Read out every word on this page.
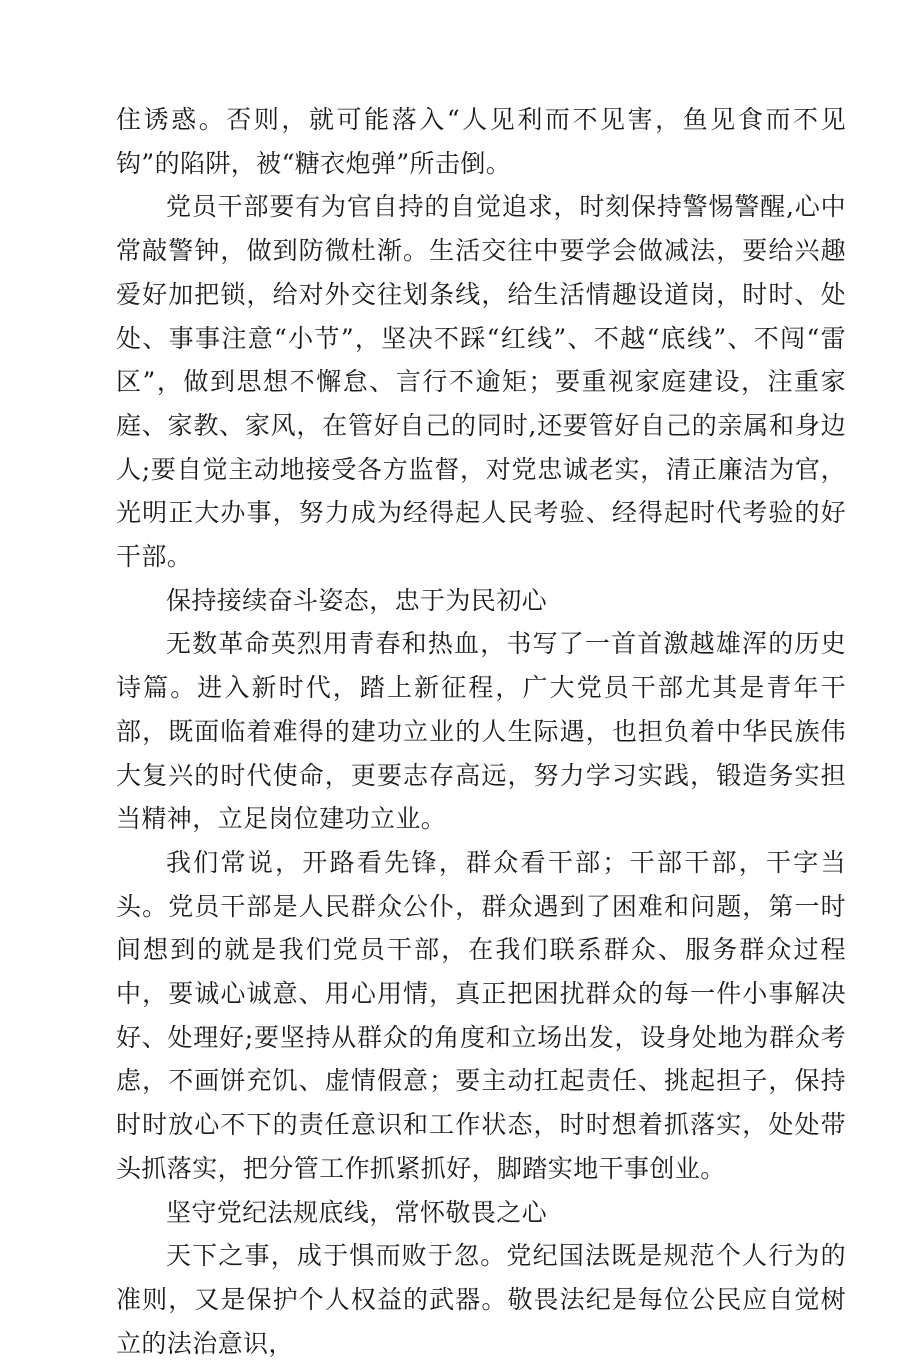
住诱惑。否则，就可能落入“人见利而不见害，鱼见食而不见钩”的陷阱，被“糖衣炮弹”所击倒。

党员干部要有为官自持的自觉追求，时刻保持警惕警醒,心中常敲警钟，做到防微杜渐。生活交往中要学会做减法，要给兴趣爱好加把锁，给对外交往划条线，给生活情趣设道岗，时时、处处、事事注意“小节”，坚决不踩“红线”、不越“底线”、不闯“雷区”，做到思想不懈怠、言行不逾矩；要重视家庭建设，注重家庭、家教、家风，在管好自己的同时,还要管好自己的亲属和身边人;要自觉主动地接受各方监督，对党忠诚老实，清正廉洁为官，光明正大办事，努力成为经得起人民考验、经得起时代考验的好干部。

保持接续奋斗姿态，忠于为民初心

无数革命英烈用青春和热血，书写了一首首激越雄浑的历史诗篇。进入新时代，踏上新征程，广大党员干部尤其是青年干部，既面临着难得的建功立业的人生际遇，也担负着中华民族伟大复兴的时代使命，更要志存高远，努力学习实践，锻造务实担当精神，立足岗位建功立业。

我们常说，开路看先锋，群众看干部；干部干部，干字当头。党员干部是人民群众公仆，群众遇到了困难和问题，第一时间想到的就是我们党员干部，在我们联系群众、服务群众过程中，要诚心诚意、用心用情，真正把困扰群众的每一件小事解决好、处理好;要坚持从群众的角度和立场出发，设身处地为群众考虑，不画饼充饥、虚情假意；要主动扛起责任、挑起担子，保持时时放心不下的责任意识和工作状态，时时想着抓落实，处处带头抓落实，把分管工作抓紧抓好，脚踏实地干事创业。

坚守党纪法规底线，常怀敬畏之心

天下之事，成于惧而败于忽。党纪国法既是规范个人行为的准则，又是保护个人权益的武器。敬畏法纪是每位公民应自觉树立的法治意识，
